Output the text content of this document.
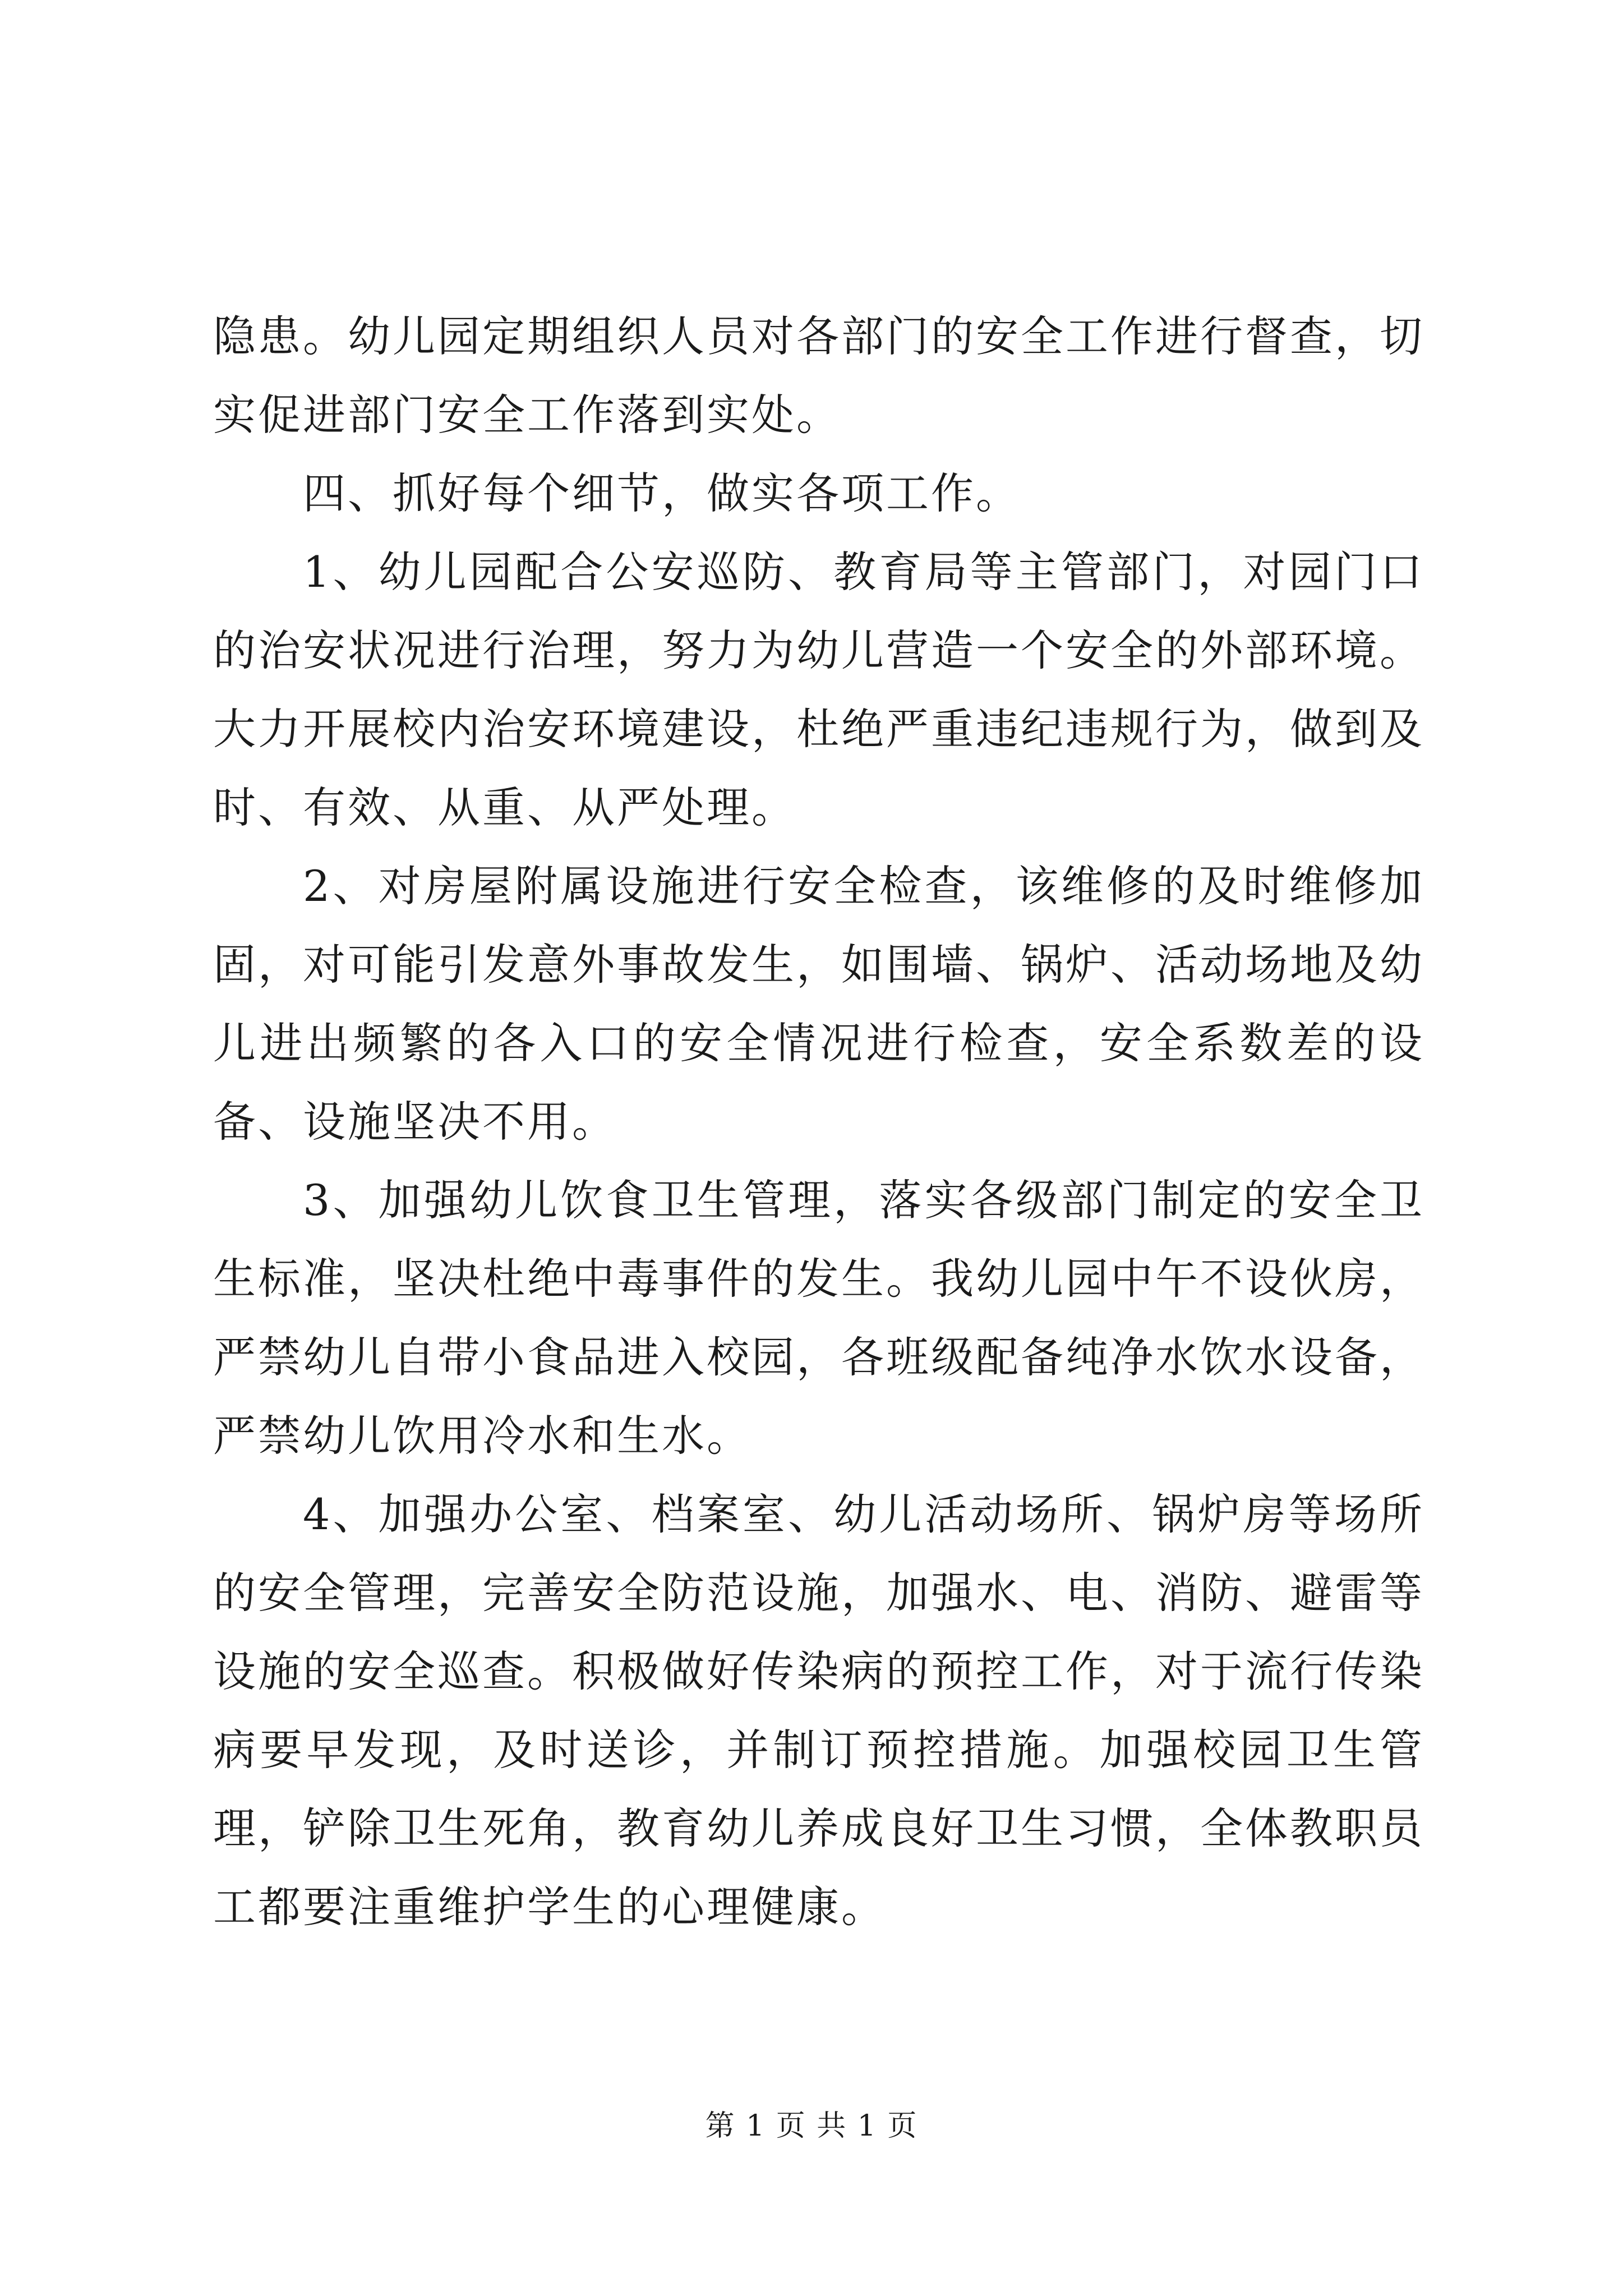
隐患。幼儿园定期组织人员对各部门的安全工作进行督查，切实促进部门安全工作落到实处。

四、抓好每个细节，做实各项工作。

1、幼儿园配合公安巡防、教育局等主管部门，对园门口的治安状况进行治理，努力为幼儿营造一个安全的外部环境。大力开展校内治安环境建设，杜绝严重违纪违规行为，做到及时、有效、从重、从严处理。

2、对房屋附属设施进行安全检查，该维修的及时维修加固，对可能引发意外事故发生，如围墙、锅炉、活动场地及幼儿进出频繁的各入口的安全情况进行检查，安全系数差的设备、设施坚决不用。

3、加强幼儿饮食卫生管理，落实各级部门制定的安全卫生标准，坚决杜绝中毒事件的发生。我幼儿园中午不设伙房，严禁幼儿自带小食品进入校园，各班级配备纯净水饮水设备，严禁幼儿饮用冷水和生水。

4、加强办公室、档案室、幼儿活动场所、锅炉房等场所的安全管理，完善安全防范设施，加强水、电、消防、避雷等设施的安全巡查。积极做好传染病的预控工作，对于流行传染病要早发现，及时送诊，并制订预控措施。加强校园卫生管理，铲除卫生死角，教育幼儿养成良好卫生习惯，全体教职员工都要注重维护学生的心理健康。

第 1 页 共 1 页
